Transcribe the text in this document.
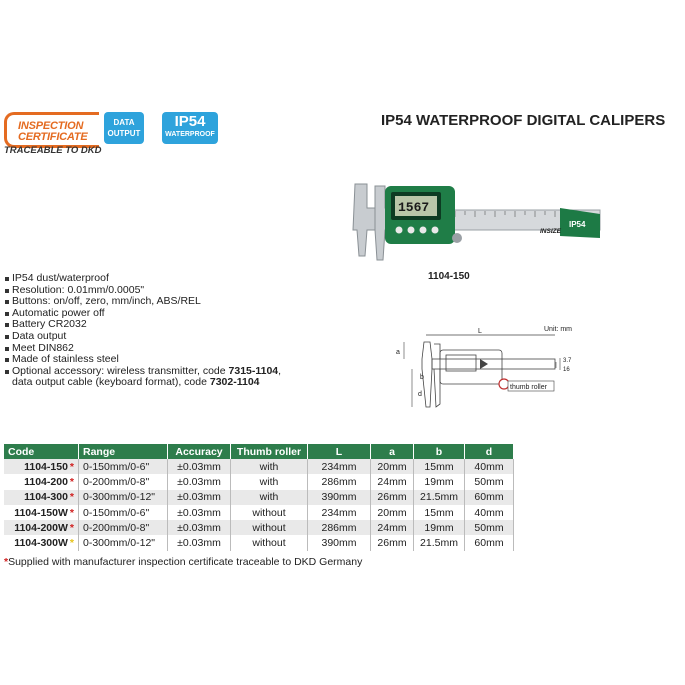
INSPECTION
CERTIFICATE
TRACEABLE TO DKD
DATA
OUTPUT
IP54
WATERPROOF
IP54 WATERPROOF DIGITAL CALIPERS
IP54
1567
INSIZE
1104-150
IP54 dust/waterproof
Resolution: 0.01mm/0.0005"
Buttons: on/off, zero, mm/inch, ABS/REL
Automatic power off
Battery CR2032
Data output
Meet DIN862
Made of stainless steel
Optional accessory: wireless transmitter, code 7315-1104,
data output cable (keyboard format), code 7302-1104
Unit: mm
L
thumb roller
a
d
b
3.7
16
Code	Range	Accuracy	Thumb roller	L	a	b	d
1104-150 *	0-150mm/0-6"	±0.03mm	with	234mm	20mm	15mm	40mm
1104-200 *	0-200mm/0-8"	±0.03mm	with	286mm	24mm	19mm	50mm
1104-300 *	0-300mm/0-12"	±0.03mm	with	390mm	26mm	21.5mm	60mm
1104-150W *	0-150mm/0-6"	±0.03mm	without	234mm	20mm	15mm	40mm
1104-200W *	0-200mm/0-8"	±0.03mm	without	286mm	24mm	19mm	50mm
1104-300W *	0-300mm/0-12"	±0.03mm	without	390mm	26mm	21.5mm	60mm
*Supplied with manufacturer inspection certificate traceable to DKD Germany
